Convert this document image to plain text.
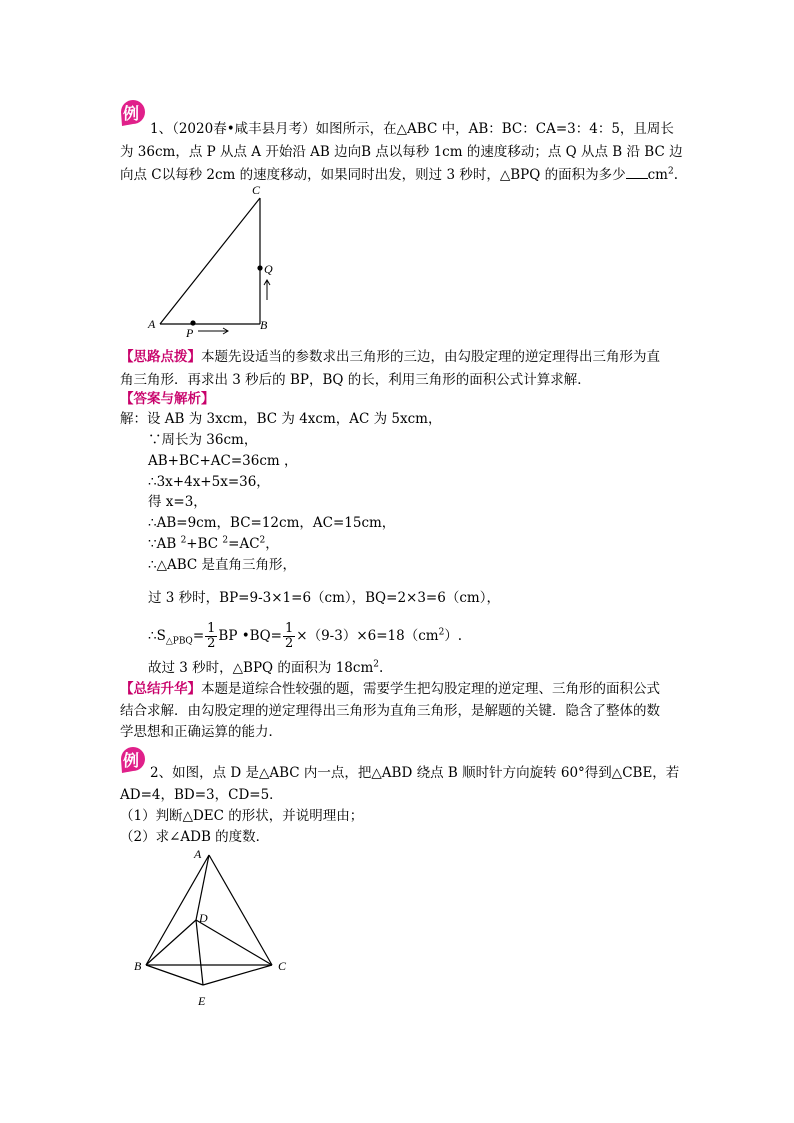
例
1、（2020春•咸丰县月考）如图所示，在△ABC 中，AB：BC：CA=3：4：5，且周长
为 36cm，点 P 从点 A 开始沿 AB 边向B 点以每秒 1cm 的速度移动；点 Q 从点 B 沿 BC 边
向点 C以每秒 2cm 的速度移动，如果同时出发，则过 3 秒时，△BPQ 的面积为多少 $cm^2$.
C
A	B
P
Q
【思路点拨】本题先设适当的参数求出三角形的三边，由勾股定理的逆定理得出三角形为直
角三角形．再求出 3 秒后的 BP，BQ 的长，利用三角形的面积公式计算求解．
【答案与解析】
解：设 AB 为 3xcm，BC 为 4xcm，AC 为 5xcm，
∵周长为 36cm，
AB+BC+AC=36cm ，
∴3x+4x+5x=36，
得 x=3，
∴AB=9cm，BC=12cm，AC=15cm，
∵AB $^2$+BC $^2=AC^2$，
∴△ABC 是直角三角形，
过 3 秒时，BP=9-3×1=6（cm），BQ=2×3=6（cm），
$\therefore S_{\triangle PBQ}= \frac{1}{2}$ BP •BQ= $\frac{1}{2} \times(9-3)\times 6=18(cm^2)$.
故过 3 秒时，△BPQ 的面积为 $18cm^2$.
【总结升华】本题是道综合性较强的题，需要学生把勾股定理的逆定理、三角形的面积公式
结合求解．由勾股定理的逆定理得出三角形为直角三角形，是解题的关键．隐含了整体的数
学思想和正确运算的能力．
例
2、如图，点 D 是△ABC 内一点，把△ABD 绕点 B 顺时针方向旋转 60°得到△CBE，若
AD=4，BD=3，CD=5．
（1）判断△DEC 的形状，并说明理由；
（2）求∠ADB 的度数．
A
B	C
D
E
